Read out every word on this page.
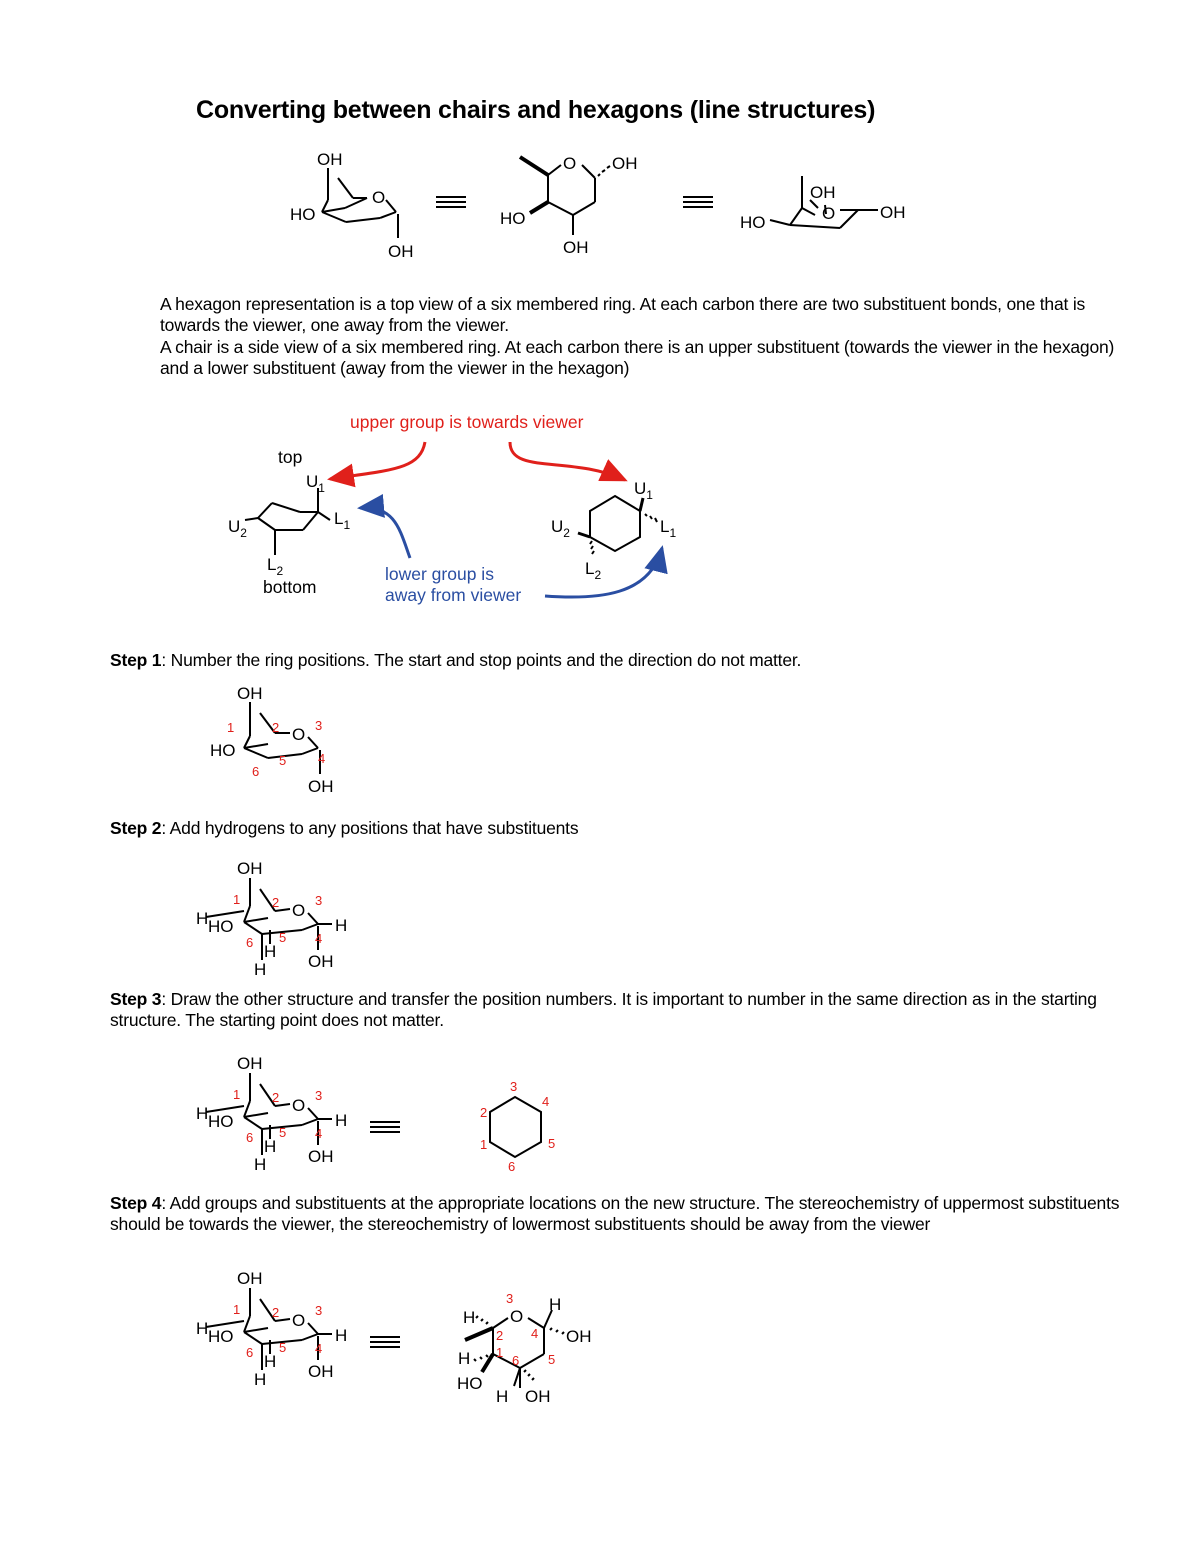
Converting between chairs and hexagons (line structures)
OH
HO
O
OH
O OH
HO
OH
HO
OH
O	OH
upper group is towards viewer
top
bottom
$U_1$
$L_1$
$U_2$
$L_2$	lower group is
away from viewer
$U_1$
$L_1$
$U_2$
$L_2$
OH
HO
O
OH
1	2	3
4
5
6
OH
H HO
O
H
H
H OH
1 2	3
4
5
6
OH
H HO
O
H
H
H OH
1 2	3
4
5
6
2
3
4
1	5
6
OH
H HO
O
H
H
H OH
1 2	3
4
5
6
O
H
H
OH
H
HO
H OH
3
2 4
1	5
6
A hexagon representation is a top view of a six membered ring. At each carbon there are two substituent bonds, one that is towards the viewer, one away from the viewer.
A chair is a side view of a six membered ring. At each carbon there is an upper substituent (towards the viewer in the hexagon) and a lower substituent (away from the viewer in the hexagon)
Step 1: Number the ring positions. The start and stop points and the direction do not matter.
Step 2: Add hydrogens to any positions that have substituents
Step 3: Draw the other structure and transfer the position numbers. It is important to number in the same direction as in the starting structure. The starting point does not matter.
Step 4: Add groups and substituents at the appropriate locations on the new structure. The stereochemistry of uppermost substituents should be towards the viewer, the stereochemistry of lowermost substituents should be away from the viewer
